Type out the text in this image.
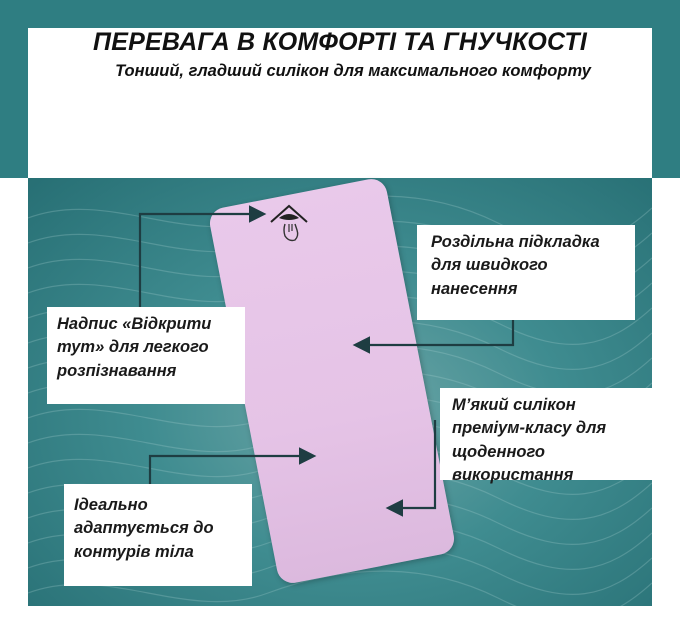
ПЕРЕВАГА В КОМФОРТІ ТА ГНУЧКОСТІ

Тонший, гладший силікон для максимального комфорту

Надпис «Відкрити
тут» для легкого
розпізнавання
Роздільна підкладка
для швидкого
нанесення
М’який силікон
преміум-класу для
щоденного
використання
Ідеально
адаптується до
контурів тіла
